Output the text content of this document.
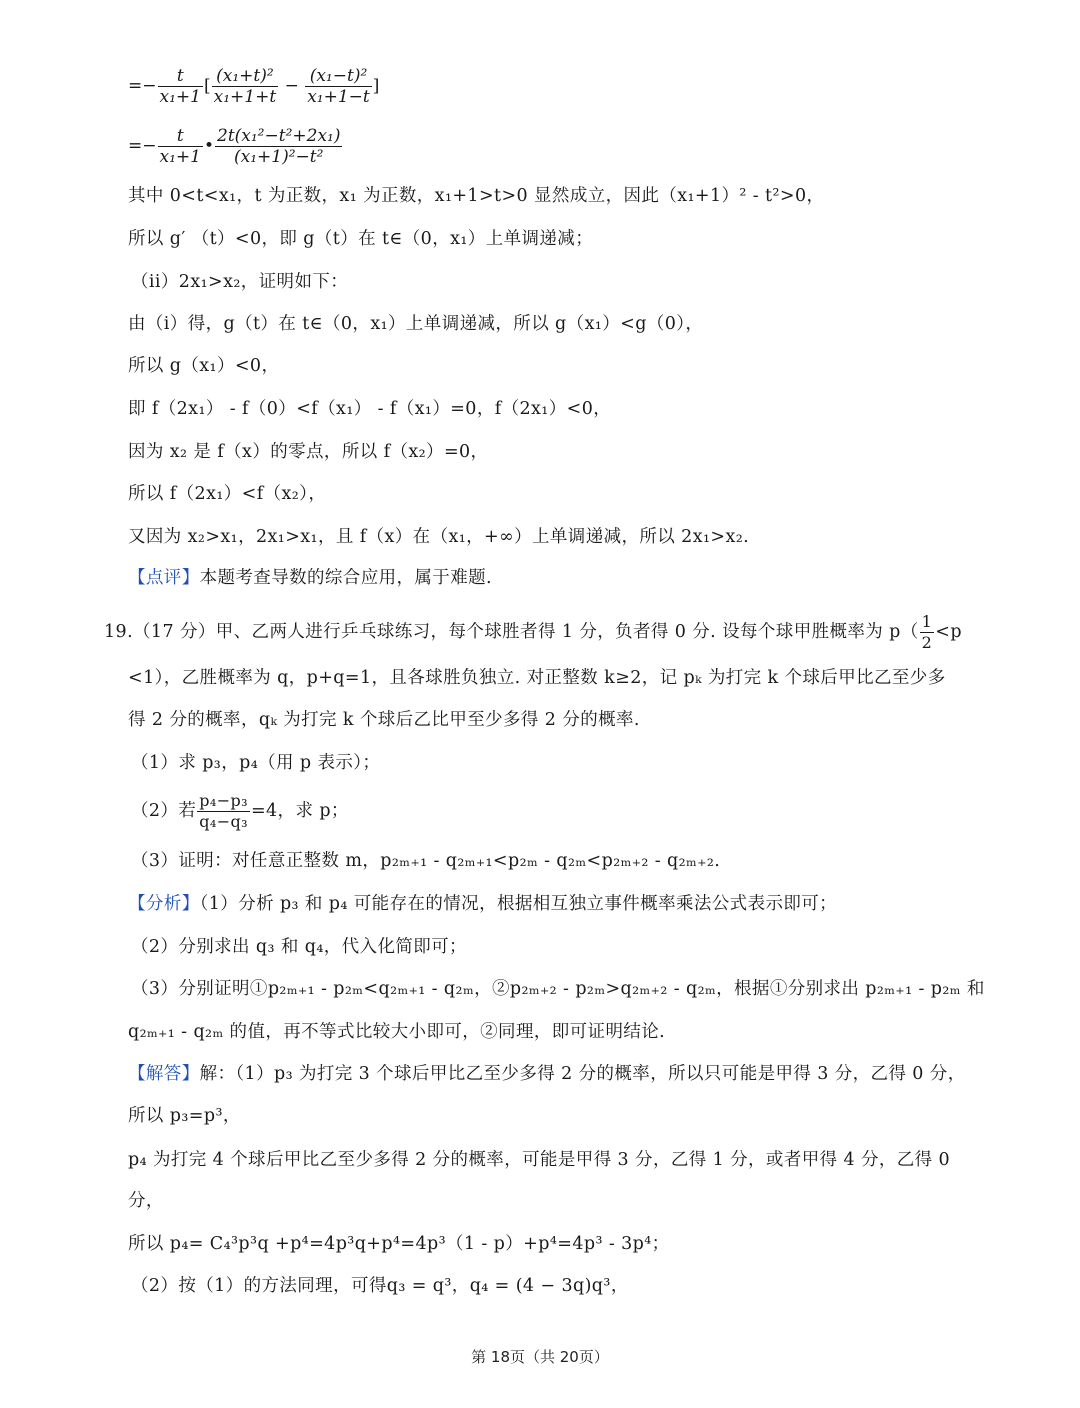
=− $\frac{t}{\text{x₁+1}}$ [ $\frac{\text{(x₁+t)²}}{\text{x₁+1+t}} - \frac{\text{(x₁−t)²}}{\text{x₁+1−t}}$ ]
=− $\frac{t}{\text{x₁+1}}$ • $\frac{\text{2t(x₁²−t²+2x₁)}}{\text{(x₁+1)²−t²}}$
其中 0<t<x₁，t 为正数，x₁ 为正数，x₁+1>t>0 显然成立，因此（x₁+1）² - t²>0，
所以 g′ （t）<0，即 g（t）在 t∈（0，x₁）上单调递减；
（ii）2x₁>x₂，证明如下：
由（i）得，g（t）在 t∈（0，x₁）上单调递减，所以 g（x₁）<g（0），
所以 g（x₁）<0，
即 f（2x₁） - f（0）<f（x₁） - f（x₁）=0，f（2x₁）<0，
因为 x₂ 是 f（x）的零点，所以 f（x₂）=0，
所以 f（2x₁）<f（x₂），
又因为 x₂>x₁，2x₁>x₁，且 f（x）在（x₁，+∞）上单调递减，所以 2x₁>x₂.
【点评】本题考查导数的综合应用，属于难题.
19.（17 分）甲、乙两人进行乒乓球练习，每个球胜者得 1 分，负者得 0 分. 设每个球甲胜概率为 $p( \frac{1}{2} <p$
<1），乙胜概率为 q，p+q=1，且各球胜负独立. 对正整数 k≥2，记 pₖ 为打完 k 个球后甲比乙至少多
得 2 分的概率，qₖ 为打完 k 个球后乙比甲至少多得 2 分的概率.
（1）求 p₃，p₄（用 p 表示）；
（2）若 $\frac{\text{p₄−p₃}}{\text{q₄−q₃}} =4$，求 p；
（3）证明：对任意正整数 m，p₂ₘ₊₁ - q₂ₘ₊₁<p₂ₘ - q₂ₘ<p₂ₘ₊₂ - q₂ₘ₊₂.
【分析】（1）分析 p₃ 和 p₄ 可能存在的情况，根据相互独立事件概率乘法公式表示即可；
（2）分别求出 q₃ 和 q₄，代入化简即可；
（3）分别证明①p₂ₘ₊₁ - p₂ₘ<q₂ₘ₊₁ - q₂ₘ，②p₂ₘ₊₂ - p₂ₘ>q₂ₘ₊₂ - q₂ₘ，根据①分别求出 p₂ₘ₊₁ - p₂ₘ 和
q₂ₘ₊₁ - q₂ₘ 的值，再不等式比较大小即可，②同理，即可证明结论.
【解答】解：（1）p₃ 为打完 3 个球后甲比乙至少多得 2 分的概率，所以只可能是甲得 3 分，乙得 0 分，
所以 p₃=p³，
p₄ 为打完 4 个球后甲比乙至少多得 2 分的概率，可能是甲得 3 分，乙得 1 分，或者甲得 4 分，乙得 0
分，
所以 p₄= C₄³p³q +p⁴=4p³q+p⁴=4p³（1 - p）+p⁴=4p³ - 3p⁴；
（2）按（1）的方法同理，可得q₃ = q³，q₄ = (4 − 3q)q³，
第 18页（共 20页）
